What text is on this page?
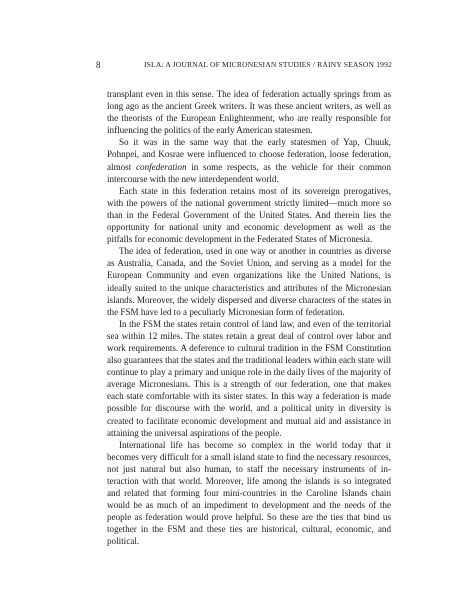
8	ISLA: A JOURNAL OF MICRONESIAN STUDIES / RAINY SEASON 1992

transplant even in this sense. The idea of federation actually springs from as long ago as the ancient Greek writers. It was these ancient writers, as well as the theorists of the European Enlightenment, who are really responsible for influencing the politics of the early American statesmen.

So it was in the same way that the early statesmen of Yap, Chuuk, Pohnpei, and Kosrae were influenced to choose federation, loose federation, almost confederation in some respects, as the vehicle for their common intercourse with the new interdependent world.

Each state in this federation retains most of its sovereign prerogatives, with the powers of the national government strictly limited—much more so than in the Federal Government of the United States. And therein lies the opportunity for national unity and economic development as well as the pitfalls for economic development in the Federated States of Micronesia.

The idea of federation, used in one way or another in countries as diverse as Australia, Canada, and the Soviet Union, and serving as a model for the European Community and even organizations like the United Nations, is ideally suited to the unique characteristics and attributes of the Micronesian islands. Moreover, the widely dispersed and diverse characters of the states in the FSM have led to a peculiarly Micronesian form of federation.

In the FSM the states retain control of land law, and even of the territorial sea within 12 miles. The states retain a great deal of control over labor and work requirements. A deference to cultural tradition in the FSM Constitution also guarantees that the states and the traditional leaders within each state will continue to play a primary and unique role in the daily lives of the majority of average Micronesians. This is a strength of our federation, one that makes each state comfortable with its sister states. In this way a federation is made possible for discourse with the world, and a political unity in diversity is created to facilitate economic development and mutual aid and assistance in attaining the universal aspirations of the people.

International life has become so complex in the world today that it becomes very difficult for a small island state to find the necessary resources, not just natural but also human, to staff the necessary instruments of interaction with that world. Moreover, life among the islands is so integrated and related that forming four mini-countries in the Caroline Islands chain would be as much of an impediment to development and the needs of the people as federation would prove helpful. So these are the ties that bind us together in the FSM and these ties are historical, cultural, economic, and political.
